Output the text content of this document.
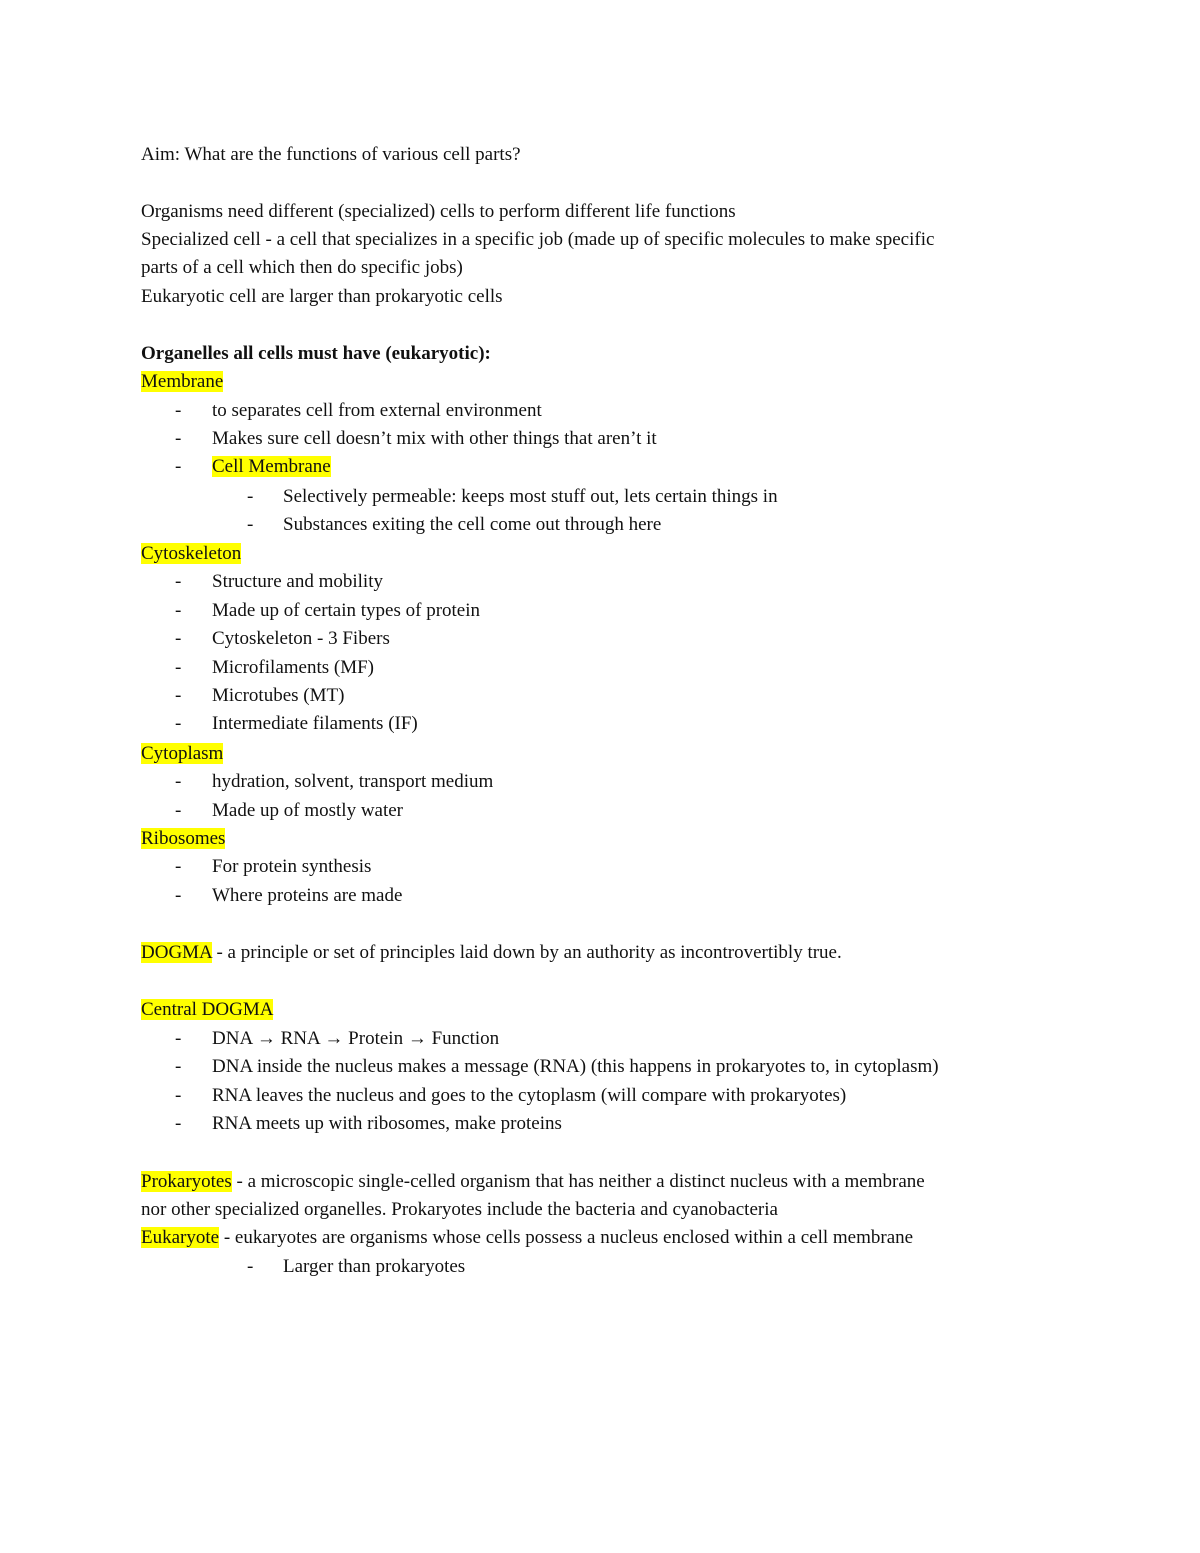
Aim: What are the functions of various cell parts?
Organisms need different (specialized) cells to perform different life functions
Specialized cell - a cell that specializes in a specific job (made up of specific molecules to make specific
parts of a cell which then do specific jobs)
Eukaryotic cell are larger than prokaryotic cells
Organelles all cells must have (eukaryotic):
Membrane
- to separates cell from external environment
- Makes sure cell doesn’t mix with other things that aren’t it
- Cell Membrane
- Selectively permeable: keeps most stuff out, lets certain things in
- Substances exiting the cell come out through here
Cytoskeleton
- Structure and mobility
- Made up of certain types of protein
- Cytoskeleton - 3 Fibers
- Microfilaments (MF)
- Microtubes (MT)
- Intermediate filaments (IF)
Cytoplasm
- hydration, solvent, transport medium
- Made up of mostly water
Ribosomes
- For protein synthesis
- Where proteins are made
DOGMA - a principle or set of principles laid down by an authority as incontrovertibly true.
Central DOGMA
- DNA → RNA → Protein → Function
- DNA inside the nucleus makes a message (RNA) (this happens in prokaryotes to, in cytoplasm)
- RNA leaves the nucleus and goes to the cytoplasm (will compare with prokaryotes)
- RNA meets up with ribosomes, make proteins
Prokaryotes - a microscopic single-celled organism that has neither a distinct nucleus with a membrane
nor other specialized organelles. Prokaryotes include the bacteria and cyanobacteria
Eukaryote - eukaryotes are organisms whose cells possess a nucleus enclosed within a cell membrane
- Larger than prokaryotes
